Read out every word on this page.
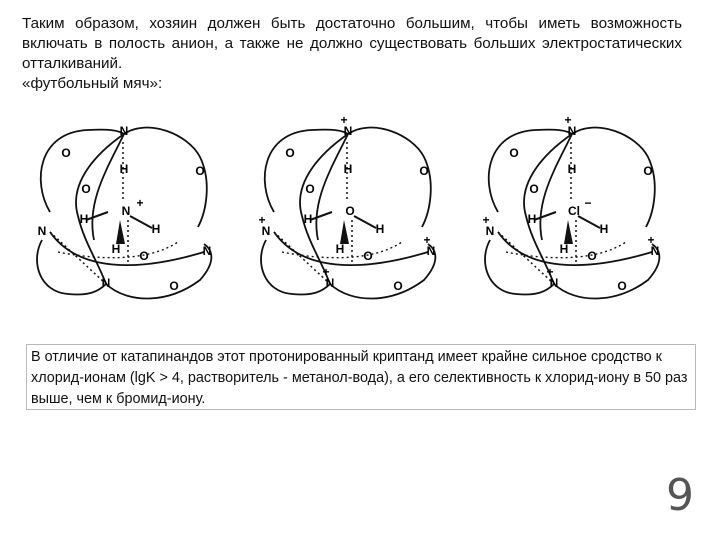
Таким образом, хозяин должен быть достаточно большим, чтобы иметь возможность включать в полость анион, а также не должно существовать больших электростатических отталкиваний.

«футбольный мяч»:

N
+
N
N
N
N
H
H
H
H
O
O
O
O
O
O
N
+
N
+
N
+
N
+
H
H
H
H
O
O
O
O
O
Cl
−
N
+
N
+
N
+
N
+
H
H
H
H
O
O
O
O
O
В отличие от катапинандов этот протонированный криптанд имеет крайне сильное сродство к хлорид-ионам (lgK > 4, растворитель - метанол-вода), а его селективность к хлорид-иону в 50 раз выше, чем к бромид-иону.
9
